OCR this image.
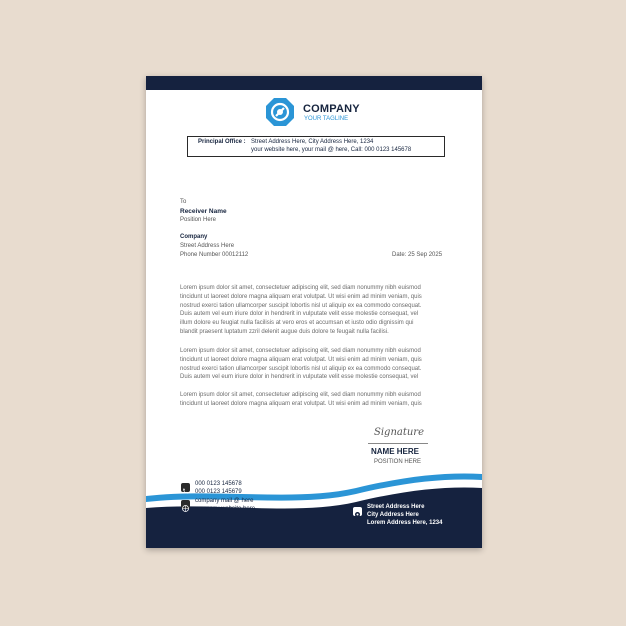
COMPANY
YOUR TAGLINE
Principal Office : Street Address Here, City Address Here, 1234
your website here, your mail @ here, Call: 000 0123 145678
To
Receiver Name
Position Here
Company
Street Address Here
Phone Number 00012112	Date: 25 Sep 2025
Lorem ipsum dolor sit amet, consectetuer adipiscing elit, sed diam nonummy nibh euismod
tincidunt ut laoreet dolore magna aliquam erat volutpat. Ut wisi enim ad minim veniam, quis
nostrud exerci tation ullamcorper suscipit lobortis nisl ut aliquip ex ea commodo consequat.
Duis autem vel eum iriure dolor in hendrerit in vulputate velit esse molestie consequat, vel
illum dolore eu feugiat nulla facilisis at vero eros et accumsan et iusto odio dignissim qui
blandit praesent luptatum zzril delenit augue duis dolore te feugait nulla facilisi.
Lorem ipsum dolor sit amet, consectetuer adipiscing elit, sed diam nonummy nibh euismod
tincidunt ut laoreet dolore magna aliquam erat volutpat. Ut wisi enim ad minim veniam, quis
nostrud exerci tation ullamcorper suscipit lobortis nisl ut aliquip ex ea commodo consequat.
Duis autem vel eum iriure dolor in hendrerit in vulputate velit esse molestie consequat, vel
Lorem ipsum dolor sit amet, consectetuer adipiscing elit, sed diam nonummy nibh euismod
tincidunt ut laoreet dolore magna aliquam erat volutpat. Ut wisi enim ad minim veniam, quis
Signature
NAME HERE
POSITION HERE
000 0123 145678
000 0123 145679
company mail @ here
company website here	Street Address Here
City Address Here
Lorem Address Here, 1234
